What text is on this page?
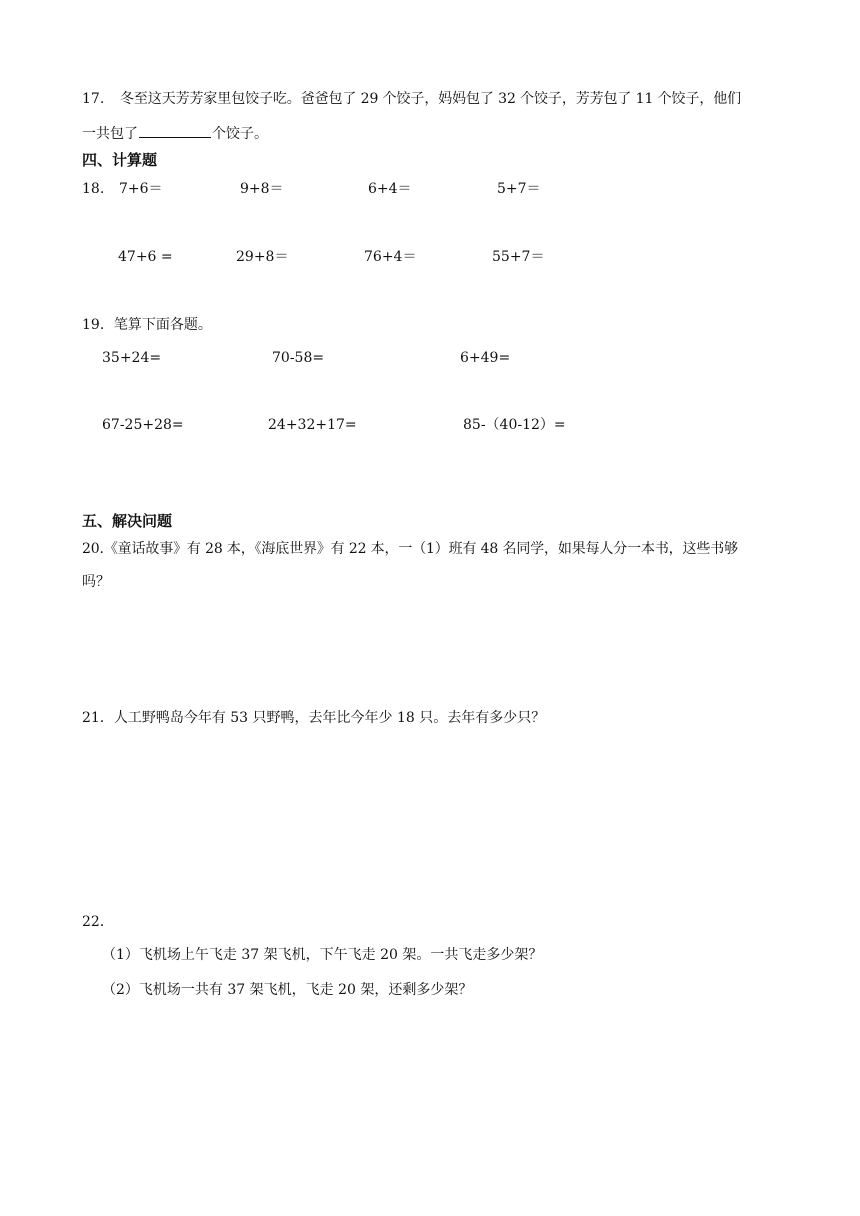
17. 冬至这天芳芳家里包饺子吃。爸爸包了 29 个饺子，妈妈包了 32 个饺子，芳芳包了 11 个饺子，他们
一共包了	个饺子。
四、计算题
18. 7+6＝	9+8＝	6+4＝	5+7＝
47+6 =	29+8＝	76+4＝	55+7＝
19．笔算下面各题。
35+24=	70-58=	6+49=
67-25+28=	24+32+17=	85-（40-12）=
五、解决问题
20.《童话故事》有 28 本，《海底世界》有 22 本，一（1）班有 48 名同学，如果每人分一本书，这些书够
吗？
21．人工野鸭岛今年有 53 只野鸭，去年比今年少 18 只。去年有多少只？
22．
（1）飞机场上午飞走 37 架飞机，下午飞走 20 架。一共飞走多少架？
（2）飞机场一共有 37 架飞机，飞走 20 架，还剩多少架？
